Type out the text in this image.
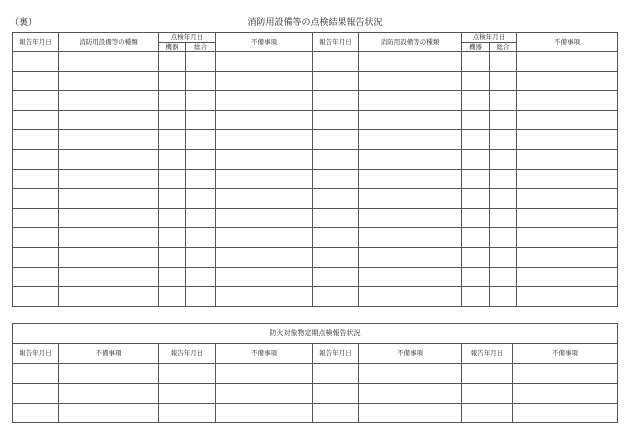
（裏）	消防用設備等の点検結果報告状況
報告年月日	消防用設備等の種類	点検年月日		不備事項	報告年月日	消防用設備等の種類	点検年月日		不備事項
		機器	総合				機器	総合	

防火対象物定期点検報告状況							
報告年月日	不備事項	報告年月日	不備事項	報告年月日	不備事項	報告年月日	不備事項
